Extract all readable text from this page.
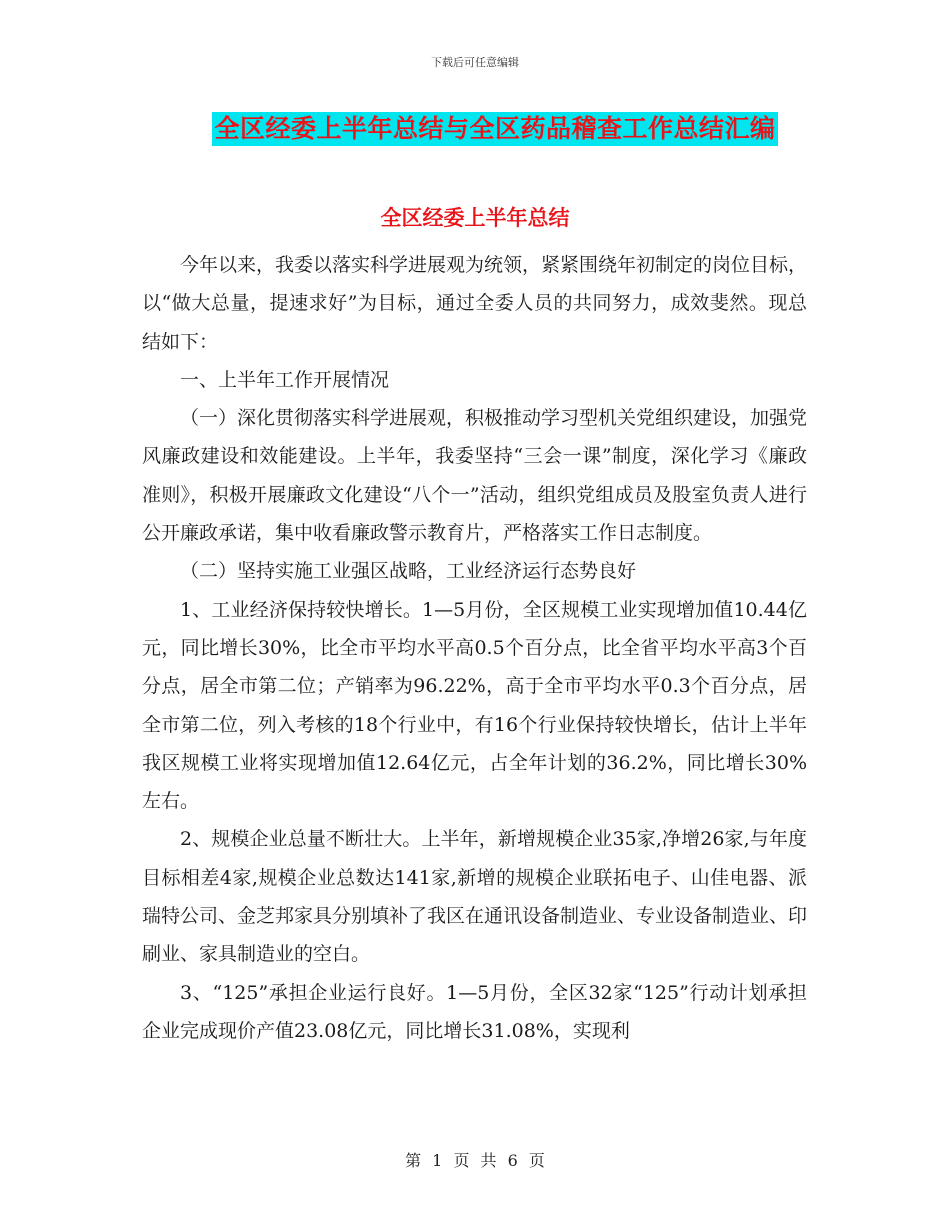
下载后可任意编辑
全区经委上半年总结与全区药品稽查工作总结汇编
全区经委上半年总结

今年以来，我委以落实科学进展观为统领，紧紧围绕年初制定的岗位目标，以“做大总量，提速求好”为目标，通过全委人员的共同努力，成效斐然。现总结如下：

一、上半年工作开展情况

（一）深化贯彻落实科学进展观，积极推动学习型机关党组织建设，加强党风廉政建设和效能建设。上半年，我委坚持“三会一课”制度，深化学习《廉政准则》，积极开展廉政文化建设“八个一”活动，组织党组成员及股室负责人进行公开廉政承诺，集中收看廉政警示教育片，严格落实工作日志制度。

（二）坚持实施工业强区战略，工业经济运行态势良好

1、工业经济保持较快增长。1—5月份，全区规模工业实现增加值10.44亿元，同比增长30%，比全市平均水平高0.5个百分点，比全省平均水平高3个百分点，居全市第二位；产销率为96.22%，高于全市平均水平0.3个百分点，居全市第二位，列入考核的18个行业中，有16个行业保持较快增长，估计上半年我区规模工业将实现增加值12.64亿元，占全年计划的36.2%，同比增长30%左右。

2、规模企业总量不断壮大。上半年，新增规模企业35家,净增26家,与年度目标相差4家,规模企业总数达141家,新增的规模企业联拓电子、山佳电器、派瑞特公司、金芝邦家具分别填补了我区在通讯设备制造业、专业设备制造业、印刷业、家具制造业的空白。

3、“125”承担企业运行良好。1—5月份，全区32家“125”行动计划承担企业完成现价产值23.08亿元，同比增长31.08%，实现利

第 1 页 共 6 页
